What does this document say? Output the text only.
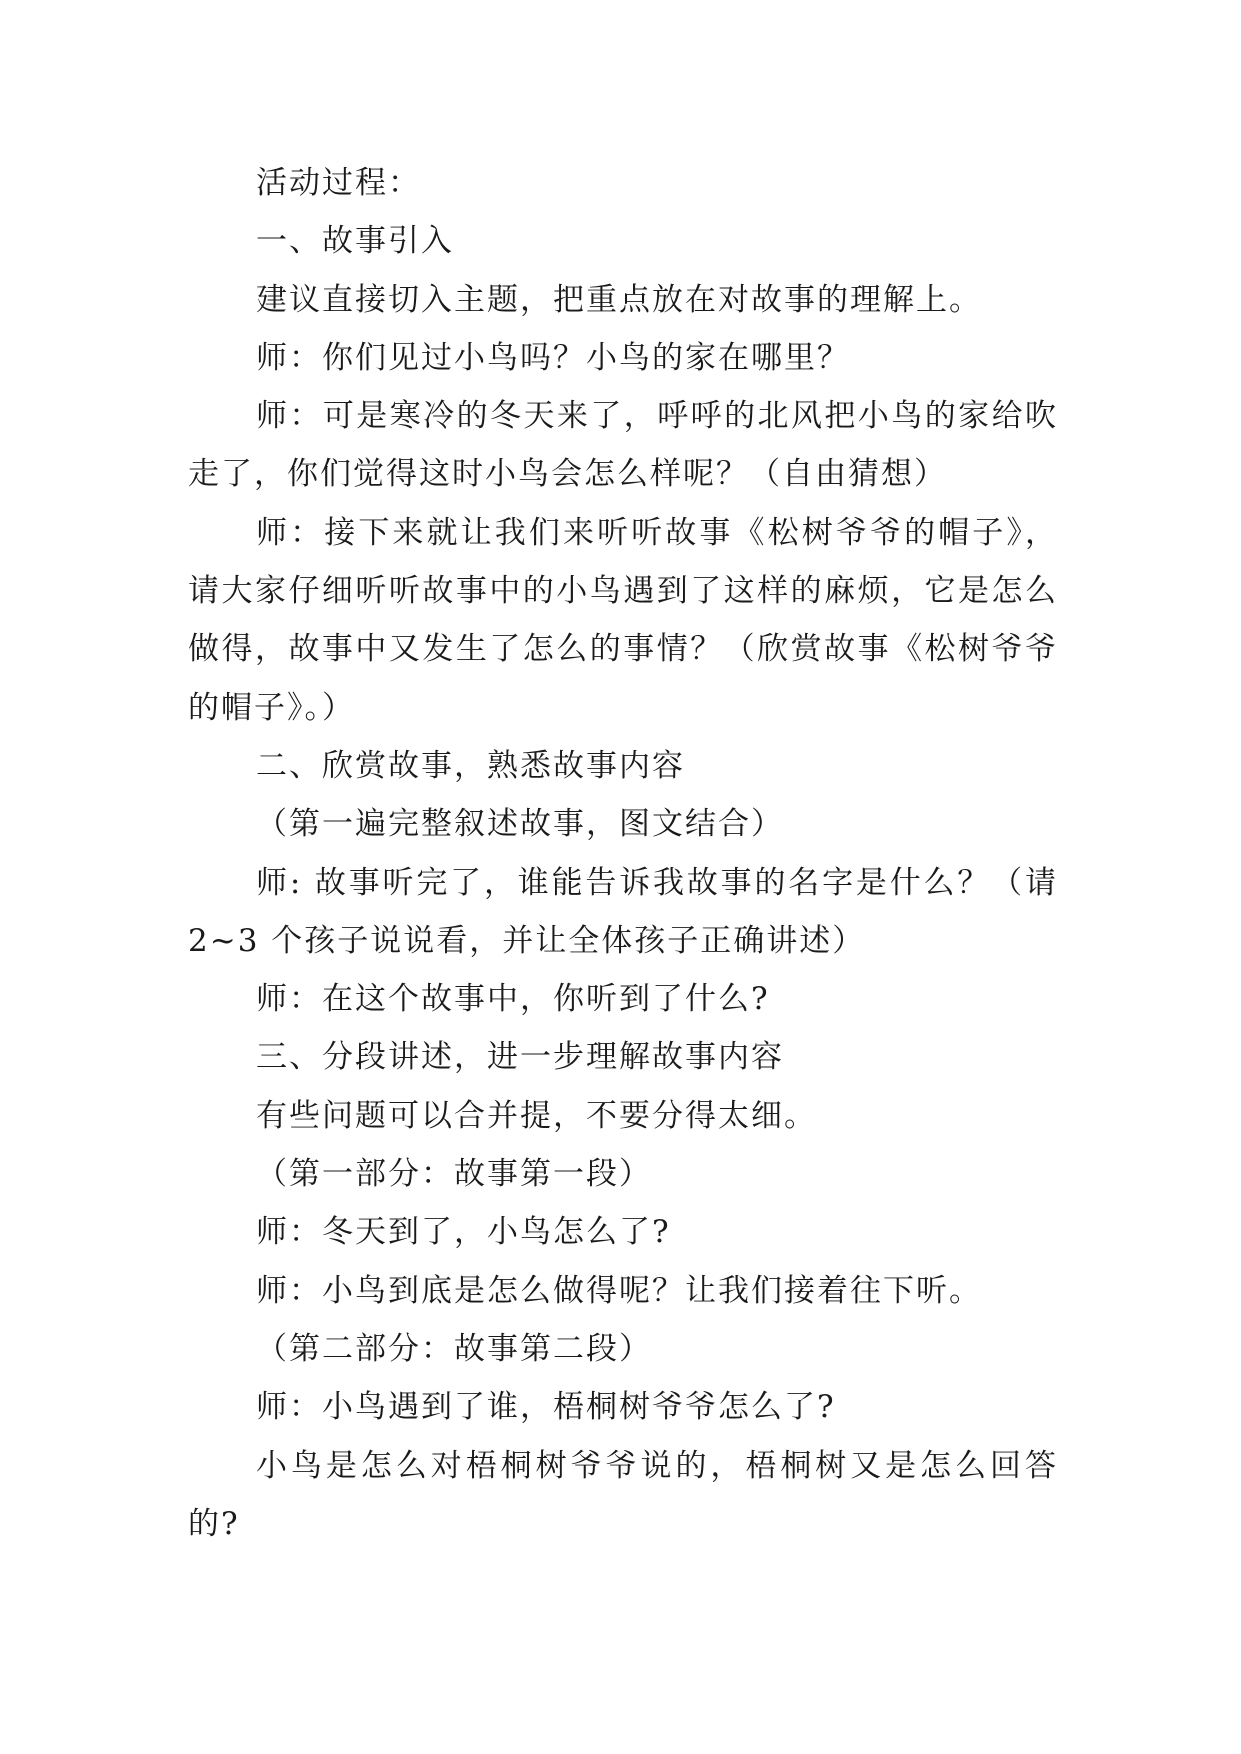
活动过程：
一、故事引入
建议直接切入主题，把重点放在对故事的理解上。
师：你们见过小鸟吗？小鸟的家在哪里？
师：可是寒冷的冬天来了，呼呼的北风把小鸟的家给吹
走了，你们觉得这时小鸟会怎么样呢？（自由猜想）
师：接下来就让我们来听听故事《松树爷爷的帽子》，
请大家仔细听听故事中的小鸟遇到了这样的麻烦，它是怎么
做得，故事中又发生了怎么的事情？（欣赏故事《松树爷爷
的帽子》。）
二、欣赏故事，熟悉故事内容
（第一遍完整叙述故事，图文结合）
师: 故事听完了，谁能告诉我故事的名字是什么？（请
2~3 个孩子说说看，并让全体孩子正确讲述）
师：在这个故事中，你听到了什么?
三、分段讲述，进一步理解故事内容
有些问题可以合并提，不要分得太细。
（第一部分：故事第一段）
师：冬天到了，小鸟怎么了?
师：小鸟到底是怎么做得呢？让我们接着往下听。
（第二部分：故事第二段）
师：小鸟遇到了谁，梧桐树爷爷怎么了?
小鸟是怎么对梧桐树爷爷说的，梧桐树又是怎么回答
的?
